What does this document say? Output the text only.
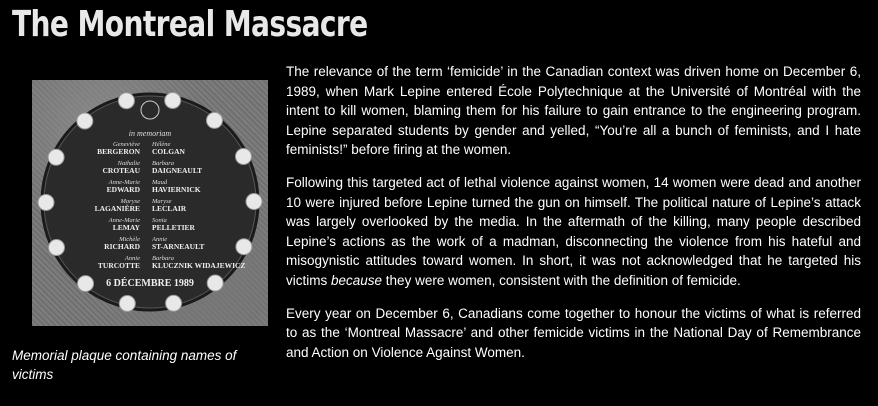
The Montreal Massacre
in memoriam
Geneviève
BERGERON
Hélène
COLGAN
Nathalie
CROTEAU
Barbara
DAIGNEAULT
Anne-Marie
EDWARD
Maud
HAVIERNICK
Maryse
LAGANIÈRE
Maryse
LECLAIR
Anne-Marie
LEMAY
Sonia
PELLETIER
Michèle
RICHARD
Annie
ST-ARNEAULT
Annie
TURCOTTE
Barbara
KLUCZNIK WIDAJEWICZ
6 DÉCEMBRE 1989
Memorial plaque containing names of victims

The relevance of the term ‘femicide’ in the Canadian context was driven home on December 6, 1989, when Mark Lepine entered École Polytechnique at the Université of Montréal with the intent to kill women, blaming them for his failure to gain entrance to the engineering program. Lepine separated students by gender and yelled, “You’re all a bunch of feminists, and I hate feminists!” before firing at the women.

Following this targeted act of lethal violence against women, 14 women were dead and another 10 were injured before Lepine turned the gun on himself. The political nature of Lepine’s attack was largely overlooked by the media. In the aftermath of the killing, many people described Lepine’s actions as the work of a madman, disconnecting the violence from his hateful and misogynistic attitudes toward women. In short, it was not acknowledged that he targeted his victims because they were women, consistent with the definition of femicide.

Every year on December 6, Canadians come together to honour the victims of what is referred to as the ‘Montreal Massacre’ and other femicide victims in the National Day of Remembrance and Action on Violence Against Women.
